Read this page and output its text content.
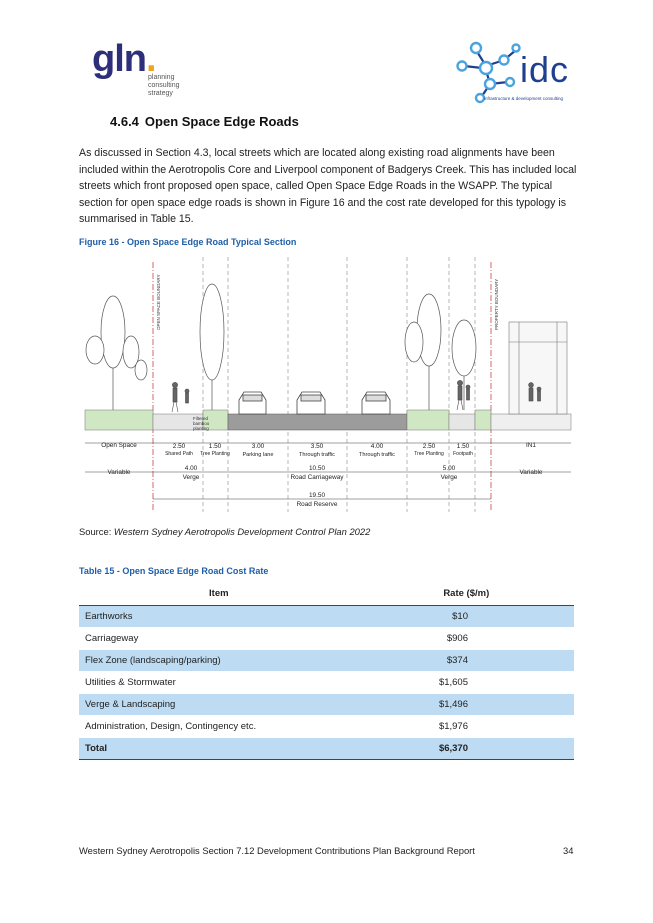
gln.
planning
consulting
strategy
idc
infrastructure & development consulting
4.6.4 Open Space Edge Roads
As discussed in Section 4.3, local streets which are located along existing road alignments have been included within the Aerotropolis Core and Liverpool component of Badgerys Creek. This has included local streets which front proposed open space, called Open Space Edge Roads in the WSAPP. The typical section for open space edge roads is shown in Figure 16 and the cost rate developed for this typology is summarised in Table 15.
Figure 16 - Open Space Edge Road Typical Section
OPEN SPACE BOUNDARY	PROPERTY BOUNDARY
Filtered
bamboo
planting
Open Space	2.50
Shared Path
1.50
Tree Planting
3.00
Parking lane
3.50
Through traffic
4.00
Through traffic
2.50
Tree Planting
1.50
Footpath
IN1
Variable
4.00
Verge
10.50
Road Carriageway
5.00
Verge
Variable
19.50
Road Reserve
Source: Western Sydney Aerotropolis Development Control Plan 2022
Table 15 - Open Space Edge Road Cost Rate
Item	Rate ($/m)
Earthworks	$10
Carriageway	$906
Flex Zone (landscaping/parking)	$374
Utilities & Stormwater	$1,605
Verge & Landscaping	$1,496
Administration, Design, Contingency etc.	$1,976
Total	$6,370
Western Sydney Aerotropolis Section 7.12 Development Contributions Plan Background Report	34
